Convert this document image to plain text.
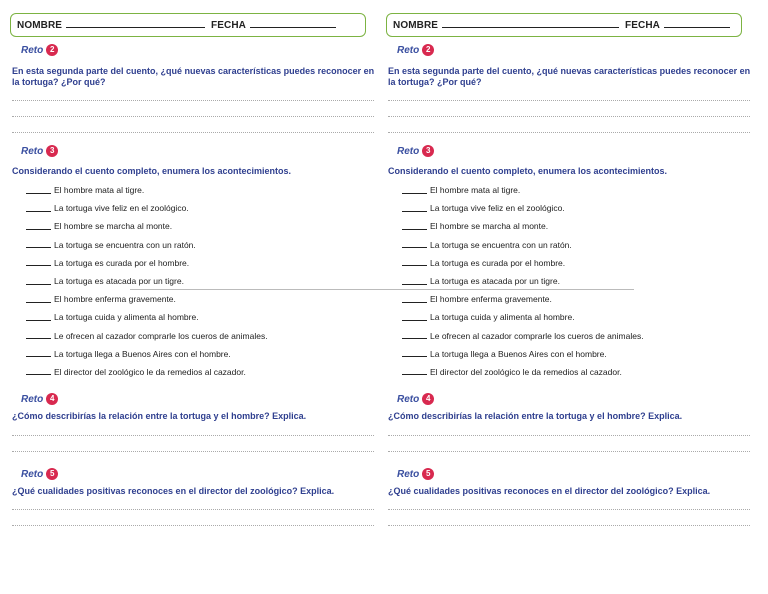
NOMBRE	FECHA
Reto 2
En esta segunda parte del cuento, ¿qué nuevas características puedes reconocer en la tortuga? ¿Por qué?
Reto 3
Considerando el cuento completo, enumera los acontecimientos.
El hombre mata al tigre.
La tortuga vive feliz en el zoológico.
El hombre se marcha al monte.
La tortuga se encuentra con un ratón.
La tortuga es curada por el hombre.
La tortuga es atacada por un tigre.
El hombre enferma gravemente.
La tortuga cuida y alimenta al hombre.
Le ofrecen al cazador comprarle los cueros de animales.
La tortuga llega a Buenos Aires con el hombre.
El director del zoológico le da remedios al cazador.
Reto 4
¿Cómo describirías la relación entre la tortuga y el hombre? Explica.
Reto 5
¿Qué cualidades positivas reconoces en el director del zoológico? Explica.
NOMBRE	FECHA
Reto 2
En esta segunda parte del cuento, ¿qué nuevas características puedes reconocer en la tortuga? ¿Por qué?
Reto 3
Considerando el cuento completo, enumera los acontecimientos.
El hombre mata al tigre.
La tortuga vive feliz en el zoológico.
El hombre se marcha al monte.
La tortuga se encuentra con un ratón.
La tortuga es curada por el hombre.
La tortuga es atacada por un tigre.
El hombre enferma gravemente.
La tortuga cuida y alimenta al hombre.
Le ofrecen al cazador comprarle los cueros de animales.
La tortuga llega a Buenos Aires con el hombre.
El director del zoológico le da remedios al cazador.
Reto 4
¿Cómo describirías la relación entre la tortuga y el hombre? Explica.
Reto 5
¿Qué cualidades positivas reconoces en el director del zoológico? Explica.
